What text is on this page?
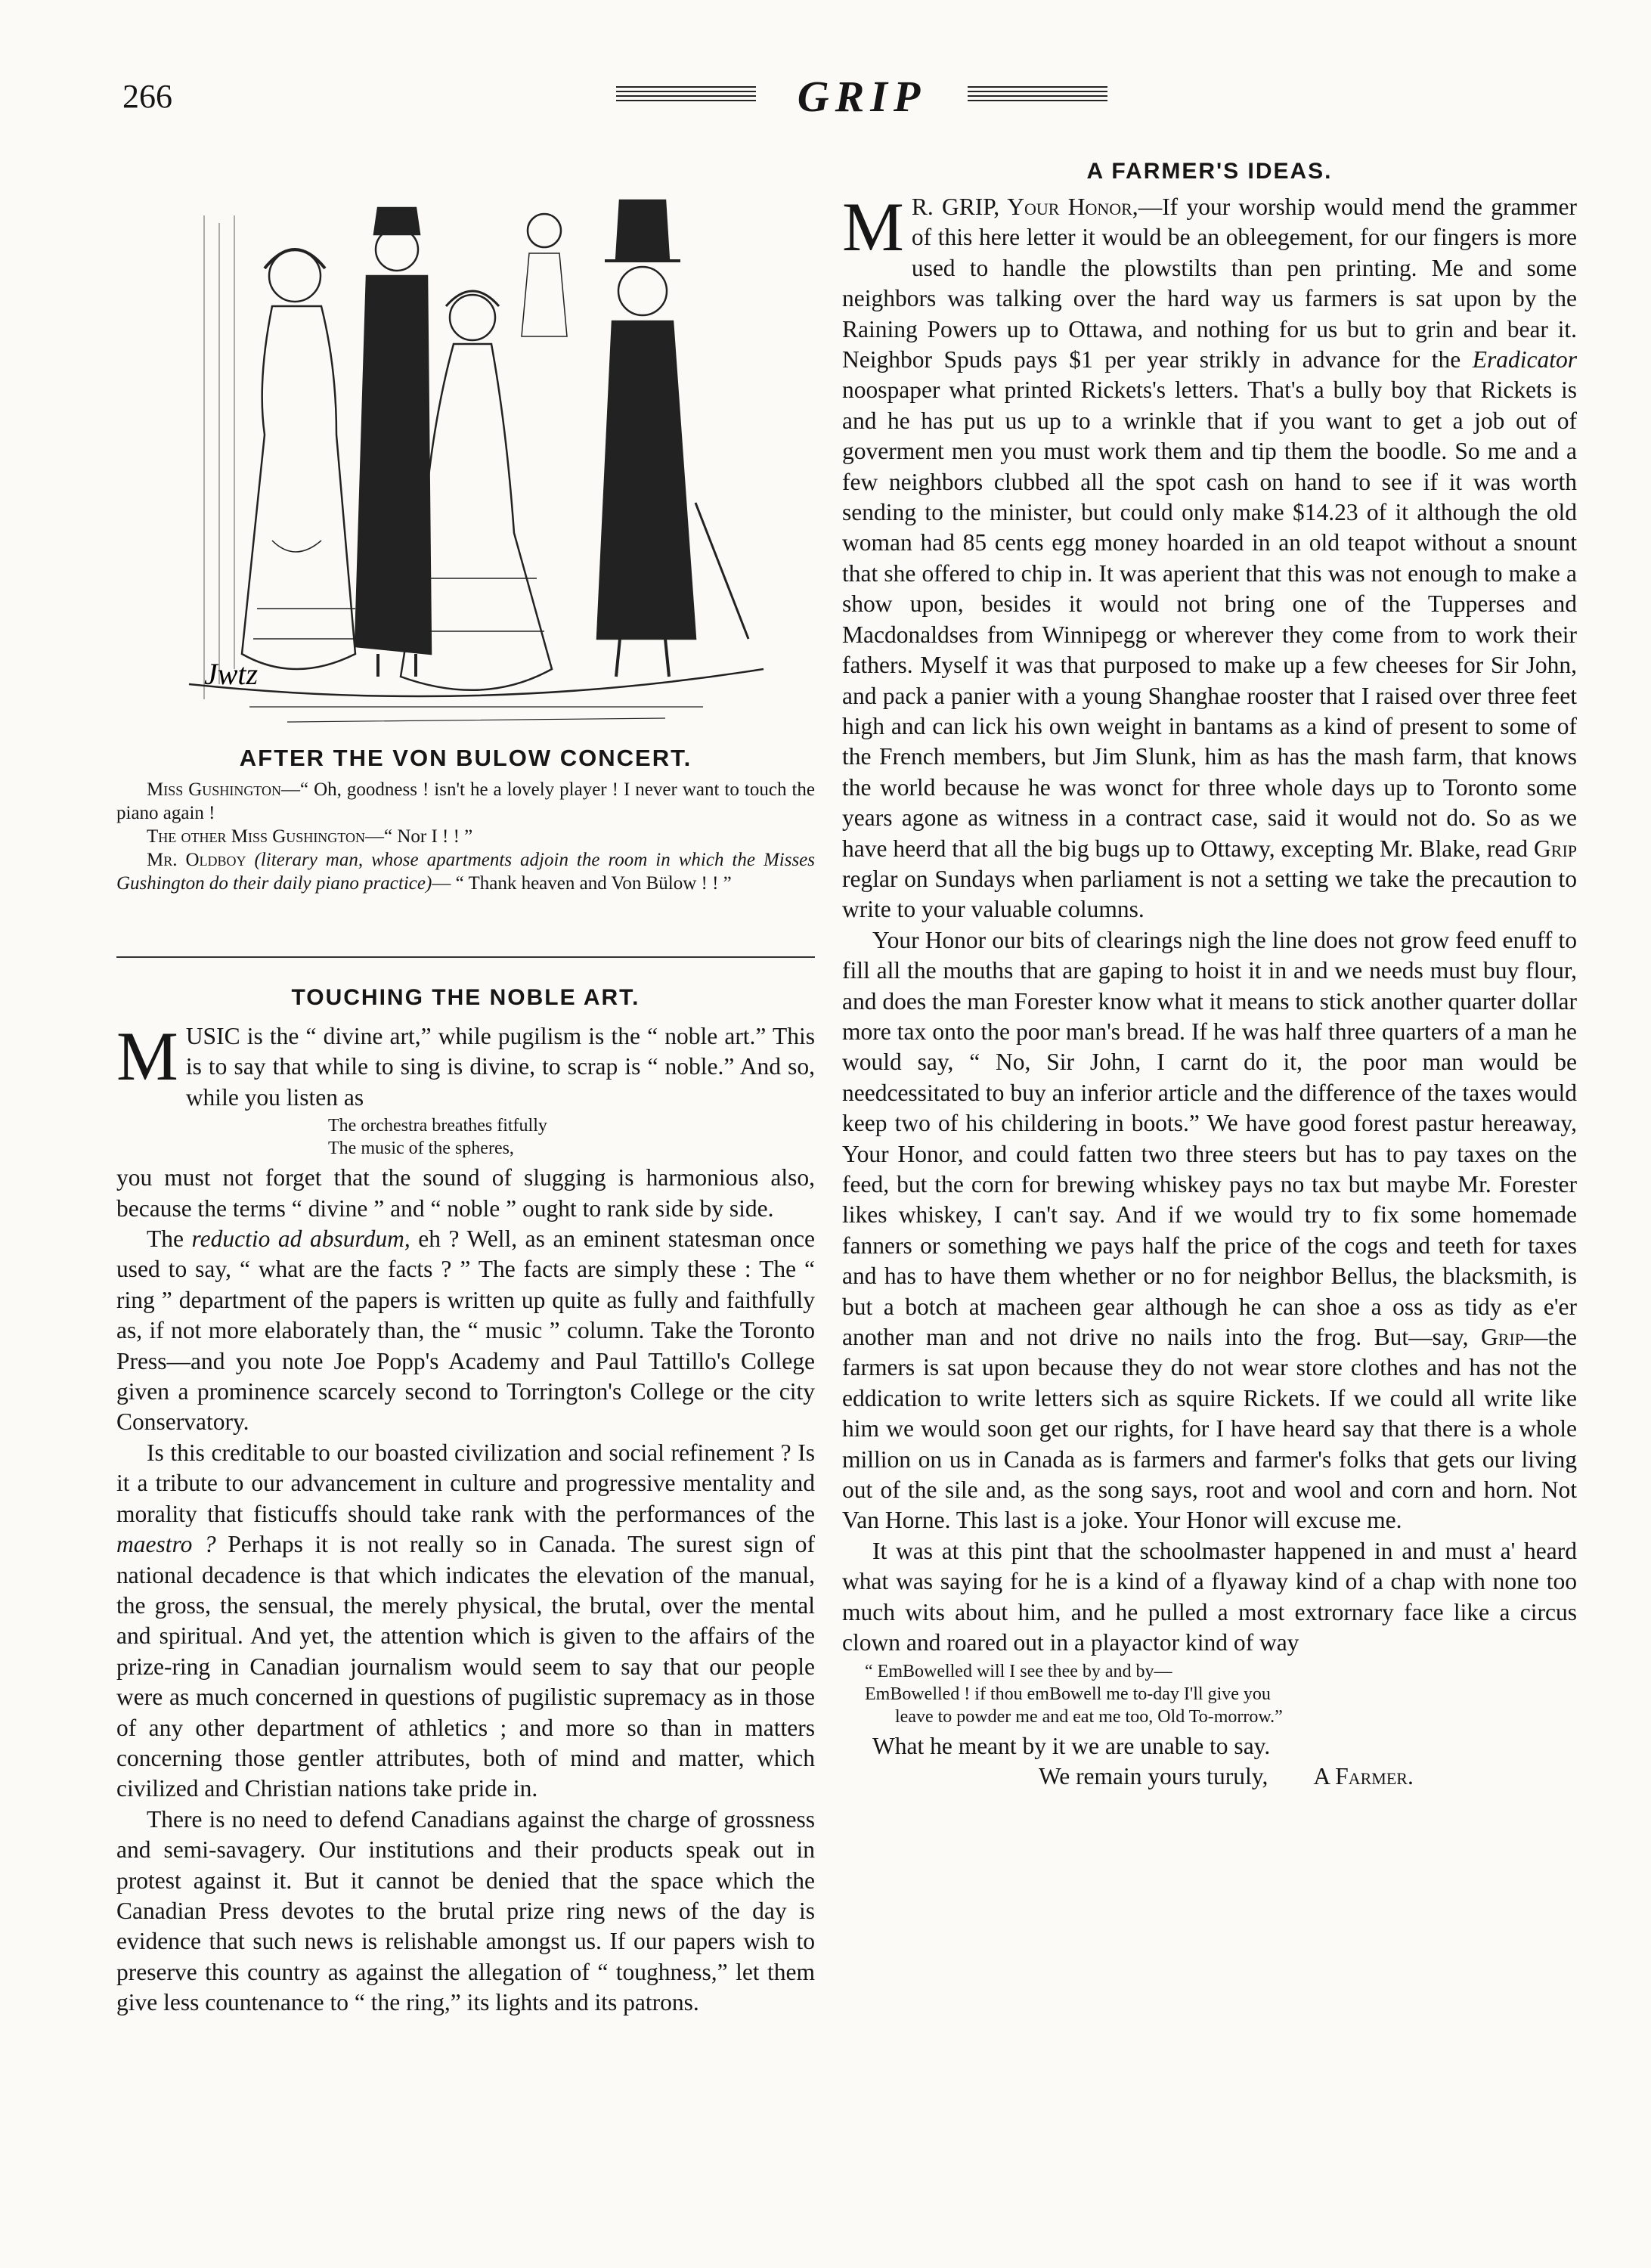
266	GRIP
Jwtz
AFTER THE VON BULOW CONCERT.

Miss Gushington—“ Oh, goodness ! isn't he a lovely player ! I never want to touch the piano again !

The other Miss Gushington—“ Nor I ! ! ”

Mr. Oldboy (literary man, whose apartments adjoin the room in which the Misses Gushington do their daily piano practice)— “ Thank heaven and Von Bülow ! ! ”

TOUCHING THE NOBLE ART.

MUSIC is the “ divine art,” while pugilism is the “ noble art.” This is to say that while to sing is divine, to scrap is “ noble.” And so, while you listen as

The orchestra breathes fitfully
The music of the spheres,

you must not forget that the sound of slugging is harmonious also, because the terms “ divine ” and “ noble ” ought to rank side by side.

The reductio ad absurdum, eh ? Well, as an eminent statesman once used to say, “ what are the facts ? ” The facts are simply these : The “ ring ” department of the papers is written up quite as fully and faithfully as, if not more elaborately than, the “ music ” column. Take the Toronto Press—and you note Joe Popp's Academy and Paul Tattillo's College given a prominence scarcely second to Torrington's College or the city Conservatory.

Is this creditable to our boasted civilization and social refinement ? Is it a tribute to our advancement in culture and progressive mentality and morality that fisticuffs should take rank with the performances of the maestro ? Perhaps it is not really so in Canada. The surest sign of national decadence is that which indicates the elevation of the manual, the gross, the sensual, the merely physical, the brutal, over the mental and spiritual. And yet, the attention which is given to the affairs of the prize-ring in Canadian journalism would seem to say that our people were as much concerned in questions of pugilistic supremacy as in those of any other department of athletics ; and more so than in matters concerning those gentler attributes, both of mind and matter, which civilized and Christian nations take pride in.

There is no need to defend Canadians against the charge of grossness and semi-savagery. Our institutions and their products speak out in protest against it. But it cannot be denied that the space which the Canadian Press devotes to the brutal prize ring news of the day is evidence that such news is relishable amongst us. If our papers wish to preserve this country as against the allegation of “ toughness,” let them give less countenance to “ the ring,” its lights and its patrons.

A FARMER'S IDEAS.

M R. GRIP, Your Honor,—If your worship would mend the grammer of this here letter it would be an obleegement, for our fingers is more used to handle the plowstilts than pen printing. Me and some neighbors was talking over the hard way us farmers is sat upon by the Raining Powers up to Ottawa, and nothing for us but to grin and bear it. Neighbor Spuds pays $1 per year strikly in advance for the Eradicator noospaper what printed Rickets's letters. That's a bully boy that Rickets is and he has put us up to a wrinkle that if you want to get a job out of goverment men you must work them and tip them the boodle. So me and a few neighbors clubbed all the spot cash on hand to see if it was worth sending to the minister, but could only make $14.23 of it although the old woman had 85 cents egg money hoarded in an old teapot without a snount that she offered to chip in. It was aperient that this was not enough to make a show upon, besides it would not bring one of the Tupperses and Macdonaldses from Winnipegg or wherever they come from to work their fathers. Myself it was that purposed to make up a few cheeses for Sir John, and pack a panier with a young Shanghae rooster that I raised over three feet high and can lick his own weight in bantams as a kind of present to some of the French members, but Jim Slunk, him as has the mash farm, that knows the world because he was wonct for three whole days up to Toronto some years agone as witness in a contract case, said it would not do. So as we have heerd that all the big bugs up to Ottawy, excepting Mr. Blake, read Grip reglar on Sundays when parliament is not a setting we take the precaution to write to your valuable columns.

Your Honor our bits of clearings nigh the line does not grow feed enuff to fill all the mouths that are gaping to hoist it in and we needs must buy flour, and does the man Forester know what it means to stick another quarter dollar more tax onto the poor man's bread. If he was half three quarters of a man he would say, “ No, Sir John, I carnt do it, the poor man would be needcessitated to buy an inferior article and the difference of the taxes would keep two of his childering in boots.” We have good forest pastur hereaway, Your Honor, and could fatten two three steers but has to pay taxes on the feed, but the corn for brewing whiskey pays no tax but maybe Mr. Forester likes whiskey, I can't say. And if we would try to fix some homemade fanners or something we pays half the price of the cogs and teeth for taxes and has to have them whether or no for neighbor Bellus, the blacksmith, is but a botch at macheen gear although he can shoe a oss as tidy as e'er another man and not drive no nails into the frog. But—say, Grip—the farmers is sat upon because they do not wear store clothes and has not the eddication to write letters sich as squire Rickets. If we could all write like him we would soon get our rights, for I have heard say that there is a whole million on us in Canada as is farmers and farmer's folks that gets our living out of the sile and, as the song says, root and wool and corn and horn. Not Van Horne. This last is a joke. Your Honor will excuse me.

It was at this pint that the schoolmaster happened in and must a' heard what was saying for he is a kind of a flyaway kind of a chap with none too much wits about him, and he pulled a most extrornary face like a circus clown and roared out in a playactor kind of way

“ EmBowelled will I see thee by and by—
EmBowelled ! if thou emBowell me to-day I'll give you
leave to powder me and eat me too, Old To-morrow.”

What he meant by it we are unable to say.

We remain yours turuly, A Farmer.
